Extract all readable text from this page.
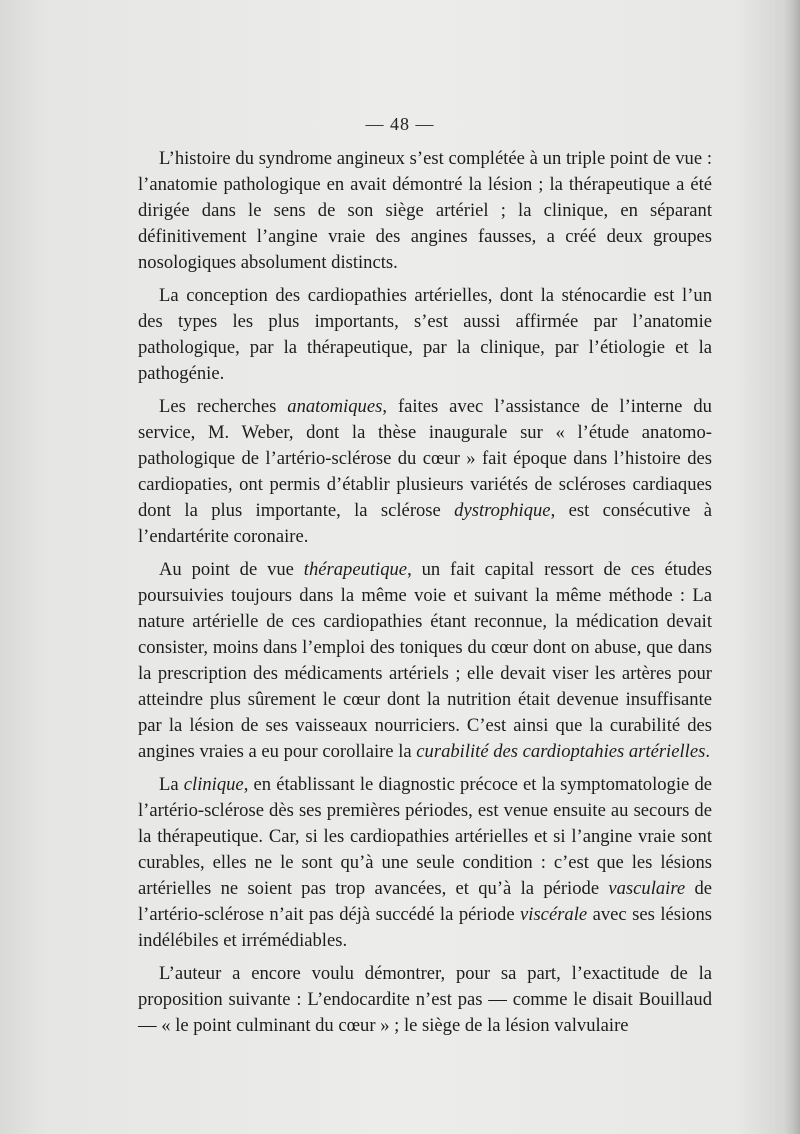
— 48 —

L’histoire du syndrome angineux s’est complétée à un triple point de vue : l’anatomie pathologique en avait démontré la lésion ; la thérapeutique a été dirigée dans le sens de son siège artériel ; la clinique, en séparant définitivement l’angine vraie des angines fausses, a créé deux groupes nosologiques absolument distincts.

La conception des cardiopathies artérielles, dont la sténocardie est l’un des types les plus importants, s’est aussi affirmée par l’anatomie pathologique, par la thérapeutique, par la clinique, par l’étiologie et la pathogénie.

Les recherches anatomiques, faites avec l’assistance de l’interne du service, M. Weber, dont la thèse inaugurale sur « l’étude anatomo-pathologique de l’artério-sclérose du cœur » fait époque dans l’histoire des cardiopaties, ont permis d’établir plusieurs variétés de scléroses cardiaques dont la plus importante, la sclérose dystrophique, est consécutive à l’endartérite coronaire.

Au point de vue thérapeutique, un fait capital ressort de ces études poursuivies toujours dans la même voie et suivant la même méthode : La nature artérielle de ces cardiopathies étant reconnue, la médication devait consister, moins dans l’emploi des toniques du cœur dont on abuse, que dans la prescription des médicaments artériels ; elle devait viser les artères pour atteindre plus sûrement le cœur dont la nutrition était devenue insuffisante par la lésion de ses vaisseaux nourriciers. C’est ainsi que la curabilité des angines vraies a eu pour corollaire la curabilité des cardioptahies artérielles.

La clinique, en établissant le diagnostic précoce et la symptomatologie de l’artério-sclérose dès ses premières périodes, est venue ensuite au secours de la thérapeutique. Car, si les cardiopathies artérielles et si l’angine vraie sont curables, elles ne le sont qu’à une seule condition : c’est que les lésions artérielles ne soient pas trop avancées, et qu’à la période vasculaire de l’artério-sclérose n’ait pas déjà succédé la période viscérale avec ses lésions indélébiles et irrémédiables.

L’auteur a encore voulu démontrer, pour sa part, l’exactitude de la proposition suivante : L’endocardite n’est pas — comme le disait Bouillaud — « le point culminant du cœur » ; le siège de la lésion valvulaire
